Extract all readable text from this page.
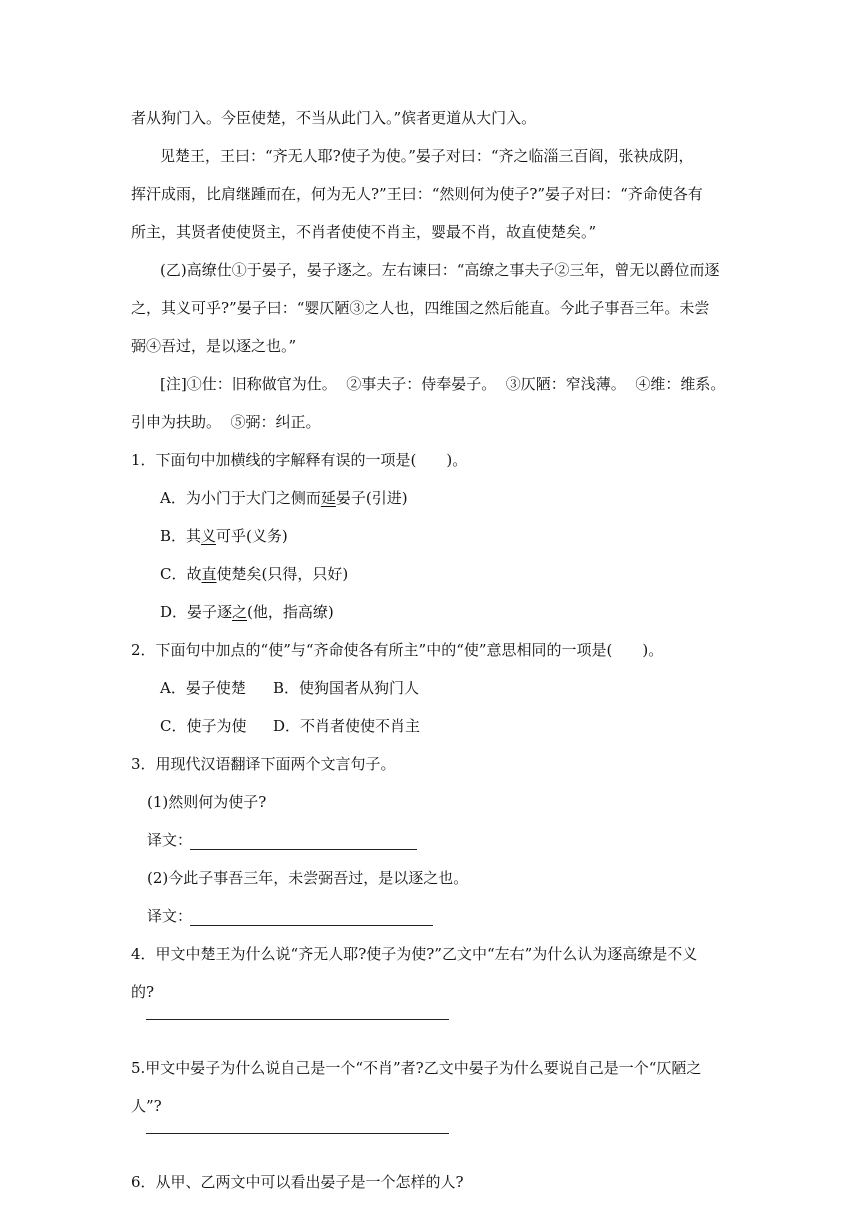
者从狗门入。今臣使楚，不当从此门入。”傧者更道从大门入。
见楚王，王曰：“齐无人耶?使子为使。”晏子对曰：“齐之临淄三百阎，张袂成阴，
挥汗成雨，比肩继踵而在，何为无人?”王曰：“然则何为使子?”晏子对曰：“齐命使各有
所主，其贤者使使贤主，不肖者使使不肖主，婴最不肖，故直使楚矣。”
(乙)高缭仕①于晏子，晏子逐之。左右谏曰：“高缭之事夫子②三年，曾无以爵位而逐
之，其义可乎?”晏子曰：“婴仄陋③之人也，四维国之然后能直。今此子事吾三年。未尝
弼④吾过，是以逐之也。”
[注]①仕：旧称做官为仕。  ②事夫子：侍奉晏子。  ③仄陋：窄浅薄。  ④维：维系。
引申为扶助。  ⑤弼：纠正。
1．下面句中加横线的字解释有误的一项是(　　)。
A．为小门于大门之侧而延晏子(引进)
B．其义可乎(义务)
C．故直使楚矣(只得，只好)
D．晏子逐之(他，指高缭)
2．下面句中加点的“使”与“齐命使各有所主”中的“使”意思相同的一项是(　　)。
A．晏子使楚 B．使狗国者从狗门人
C．使子为使 D．不肖者使使不肖主
3．用现代汉语翻译下面两个文言句子。
(1)然则何为使子?
译文：
(2)今此子事吾三年，未尝弼吾过，是以逐之也。
译文：
4．甲文中楚王为什么说“齐无人耶?使子为使?”乙文中“左右”为什么认为逐高缭是不义
的?
5.甲文中晏子为什么说自己是一个“不肖”者?乙文中晏子为什么要说自己是一个“仄陋之
人”?
6．从甲、乙两文中可以看出晏子是一个怎样的人?
